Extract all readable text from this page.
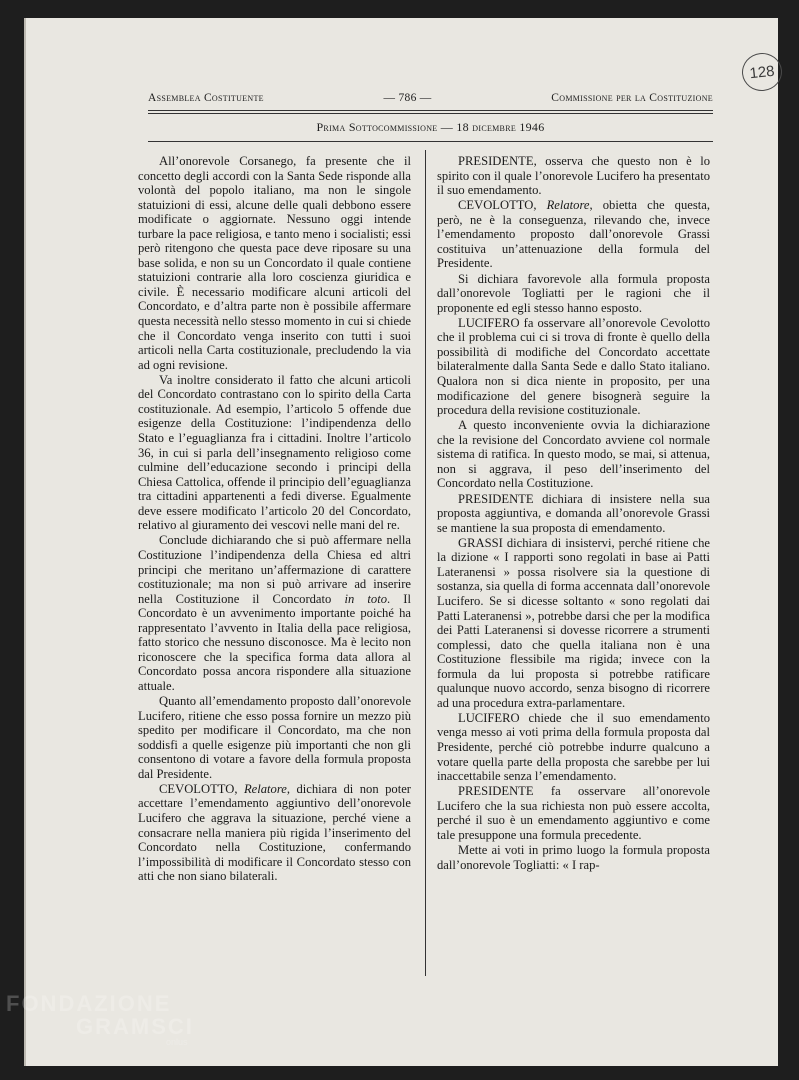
128
Assemblea Costituente	— 786 —	Commissione per la Costituzione
Prima Sottocommissione — 18 dicembre 1946

All’onorevole Corsanego, fa presente che il concetto degli accordi con la Santa Sede risponde alla volontà del popolo italiano, ma non le singole statuizioni di essi, alcune delle quali debbono essere modificate o aggiornate. Nessuno oggi intende turbare la pace religiosa, e tanto meno i socialisti; essi però ritengono che questa pace deve riposare su una base solida, e non su un Concordato il quale contiene statuizioni contrarie alla loro coscienza giuridica e civile. È necessario modificare alcuni articoli del Concordato, e d’altra parte non è possibile affermare questa necessità nello stesso momento in cui si chiede che il Concordato venga inserito con tutti i suoi articoli nella Carta costituzionale, precludendo la via ad ogni revisione.

Va inoltre considerato il fatto che alcuni articoli del Concordato contrastano con lo spirito della Carta costituzionale. Ad esempio, l’articolo 5 offende due esigenze della Costituzione: l’indipendenza dello Stato e l’eguaglianza fra i cittadini. Inoltre l’articolo 36, in cui si parla dell’insegnamento religioso come culmine dell’educazione secondo i principi della Chiesa Cattolica, offende il principio dell’eguaglianza tra cittadini appartenenti a fedi diverse. Egualmente deve essere modificato l’articolo 20 del Concordato, relativo al giuramento dei vescovi nelle mani del re.

Conclude dichiarando che si può affermare nella Costituzione l’indipendenza della Chiesa ed altri principi che meritano un’affermazione di carattere costituzionale; ma non si può arrivare ad inserire nella Costituzione il Concordato in toto. Il Concordato è un avvenimento importante poiché ha rappresentato l’avvento in Italia della pace religiosa, fatto storico che nessuno disconosce. Ma è lecito non riconoscere che la specifica forma data allora al Concordato possa ancora rispondere alla situazione attuale.

Quanto all’emendamento proposto dall’onorevole Lucifero, ritiene che esso possa fornire un mezzo più spedito per modificare il Concordato, ma che non soddisfi a quelle esigenze più importanti che non gli consentono di votare a favore della formula proposta dal Presidente.

CEVOLOTTO, Relatore, dichiara di non poter accettare l’emendamento aggiuntivo dell’onorevole Lucifero che aggrava la situazione, perché viene a consacrare nella maniera più rigida l’inserimento del Concordato nella Costituzione, confermando l’impossibilità di modificare il Concordato stesso con atti che non siano bilaterali.

PRESIDENTE, osserva che questo non è lo spirito con il quale l’onorevole Lucifero ha presentato il suo emendamento.

CEVOLOTTO, Relatore, obietta che questa, però, ne è la conseguenza, rilevando che, invece l’emendamento proposto dall’onorevole Grassi costituiva un’attenuazione della formula del Presidente.

Si dichiara favorevole alla formula proposta dall’onorevole Togliatti per le ragioni che il proponente ed egli stesso hanno esposto.

LUCIFERO fa osservare all’onorevole Cevolotto che il problema cui ci si trova di fronte è quello della possibilità di modifiche del Concordato accettate bilateralmente dalla Santa Sede e dallo Stato italiano. Qualora non si dica niente in proposito, per una modificazione del genere bisognerà seguire la procedura della revisione costituzionale.

A questo inconveniente ovvia la dichiarazione che la revisione del Concordato avviene col normale sistema di ratifica. In questo modo, se mai, si attenua, non si aggrava, il peso dell’inserimento del Concordato nella Costituzione.

PRESIDENTE dichiara di insistere nella sua proposta aggiuntiva, e domanda all’onorevole Grassi se mantiene la sua proposta di emendamento.

GRASSI dichiara di insistervi, perché ritiene che la dizione « I rapporti sono regolati in base ai Patti Lateranensi » possa risolvere sia la questione di sostanza, sia quella di forma accennata dall’onorevole Lucifero. Se si dicesse soltanto « sono regolati dai Patti Lateranensi », potrebbe darsi che per la modifica dei Patti Lateranensi si dovesse ricorrere a strumenti complessi, dato che quella italiana non è una Costituzione flessibile ma rigida; invece con la formula da lui proposta si potrebbe ratificare qualunque nuovo accordo, senza bisogno di ricorrere ad una procedura extra-parlamentare.

LUCIFERO chiede che il suo emendamento venga messo ai voti prima della formula proposta dal Presidente, perché ciò potrebbe indurre qualcuno a votare quella parte della proposta che sarebbe per lui inaccettabile senza l’emendamento.

PRESIDENTE fa osservare all’onorevole Lucifero che la sua richiesta non può essere accolta, perché il suo è un emendamento aggiuntivo e come tale presuppone una formula precedente.

Mette ai voti in primo luogo la formula proposta dall’onorevole Togliatti: « I rap-

FONDAZIONE
GRAMSCI
onlus
